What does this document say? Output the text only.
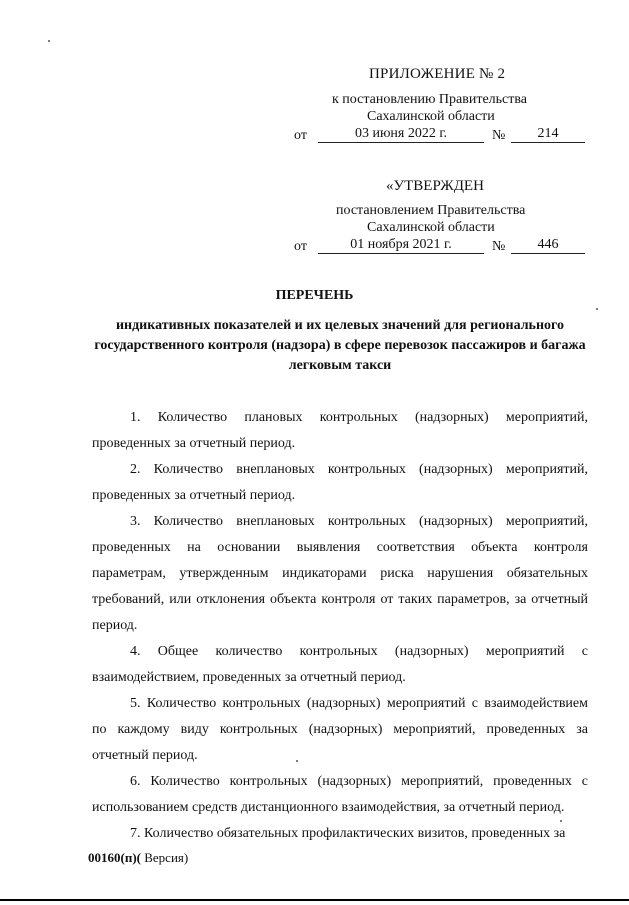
ПРИЛОЖЕНИЕ № 2
к постановлению Правительства
Сахалинской области
от	03 июня 2022 г.	№	214
«УТВЕРЖДЕН
постановлением Правительства
Сахалинской области
от	01 ноября 2021 г.	№	446
ПЕРЕЧЕНЬ
индикативных показателей и их целевых значений для регионального государственного контроля (надзора) в сфере перевозок пассажиров и багажа легковым такси

1. Количество плановых контрольных (надзорных) мероприятий, проведенных за отчетный период.

2. Количество внеплановых контрольных (надзорных) мероприятий, проведенных за отчетный период.

3. Количество внеплановых контрольных (надзорных) мероприятий, проведенных на основании выявления соответствия объекта контроля параметрам, утвержденным индикаторами риска нарушения обязательных требований, или отклонения объекта контроля от таких параметров, за отчетный период.

4. Общее количество контрольных (надзорных) мероприятий с взаимодействием, проведенных за отчетный период.

5. Количество контрольных (надзорных) мероприятий с взаимодействием по каждому виду контрольных (надзорных) мероприятий, проведенных за отчетный период.

6. Количество контрольных (надзорных) мероприятий, проведенных с использованием средств дистанционного взаимодействия, за отчетный период.

7. Количество обязательных профилактических визитов, проведенных за

00160(п)( Версия)
